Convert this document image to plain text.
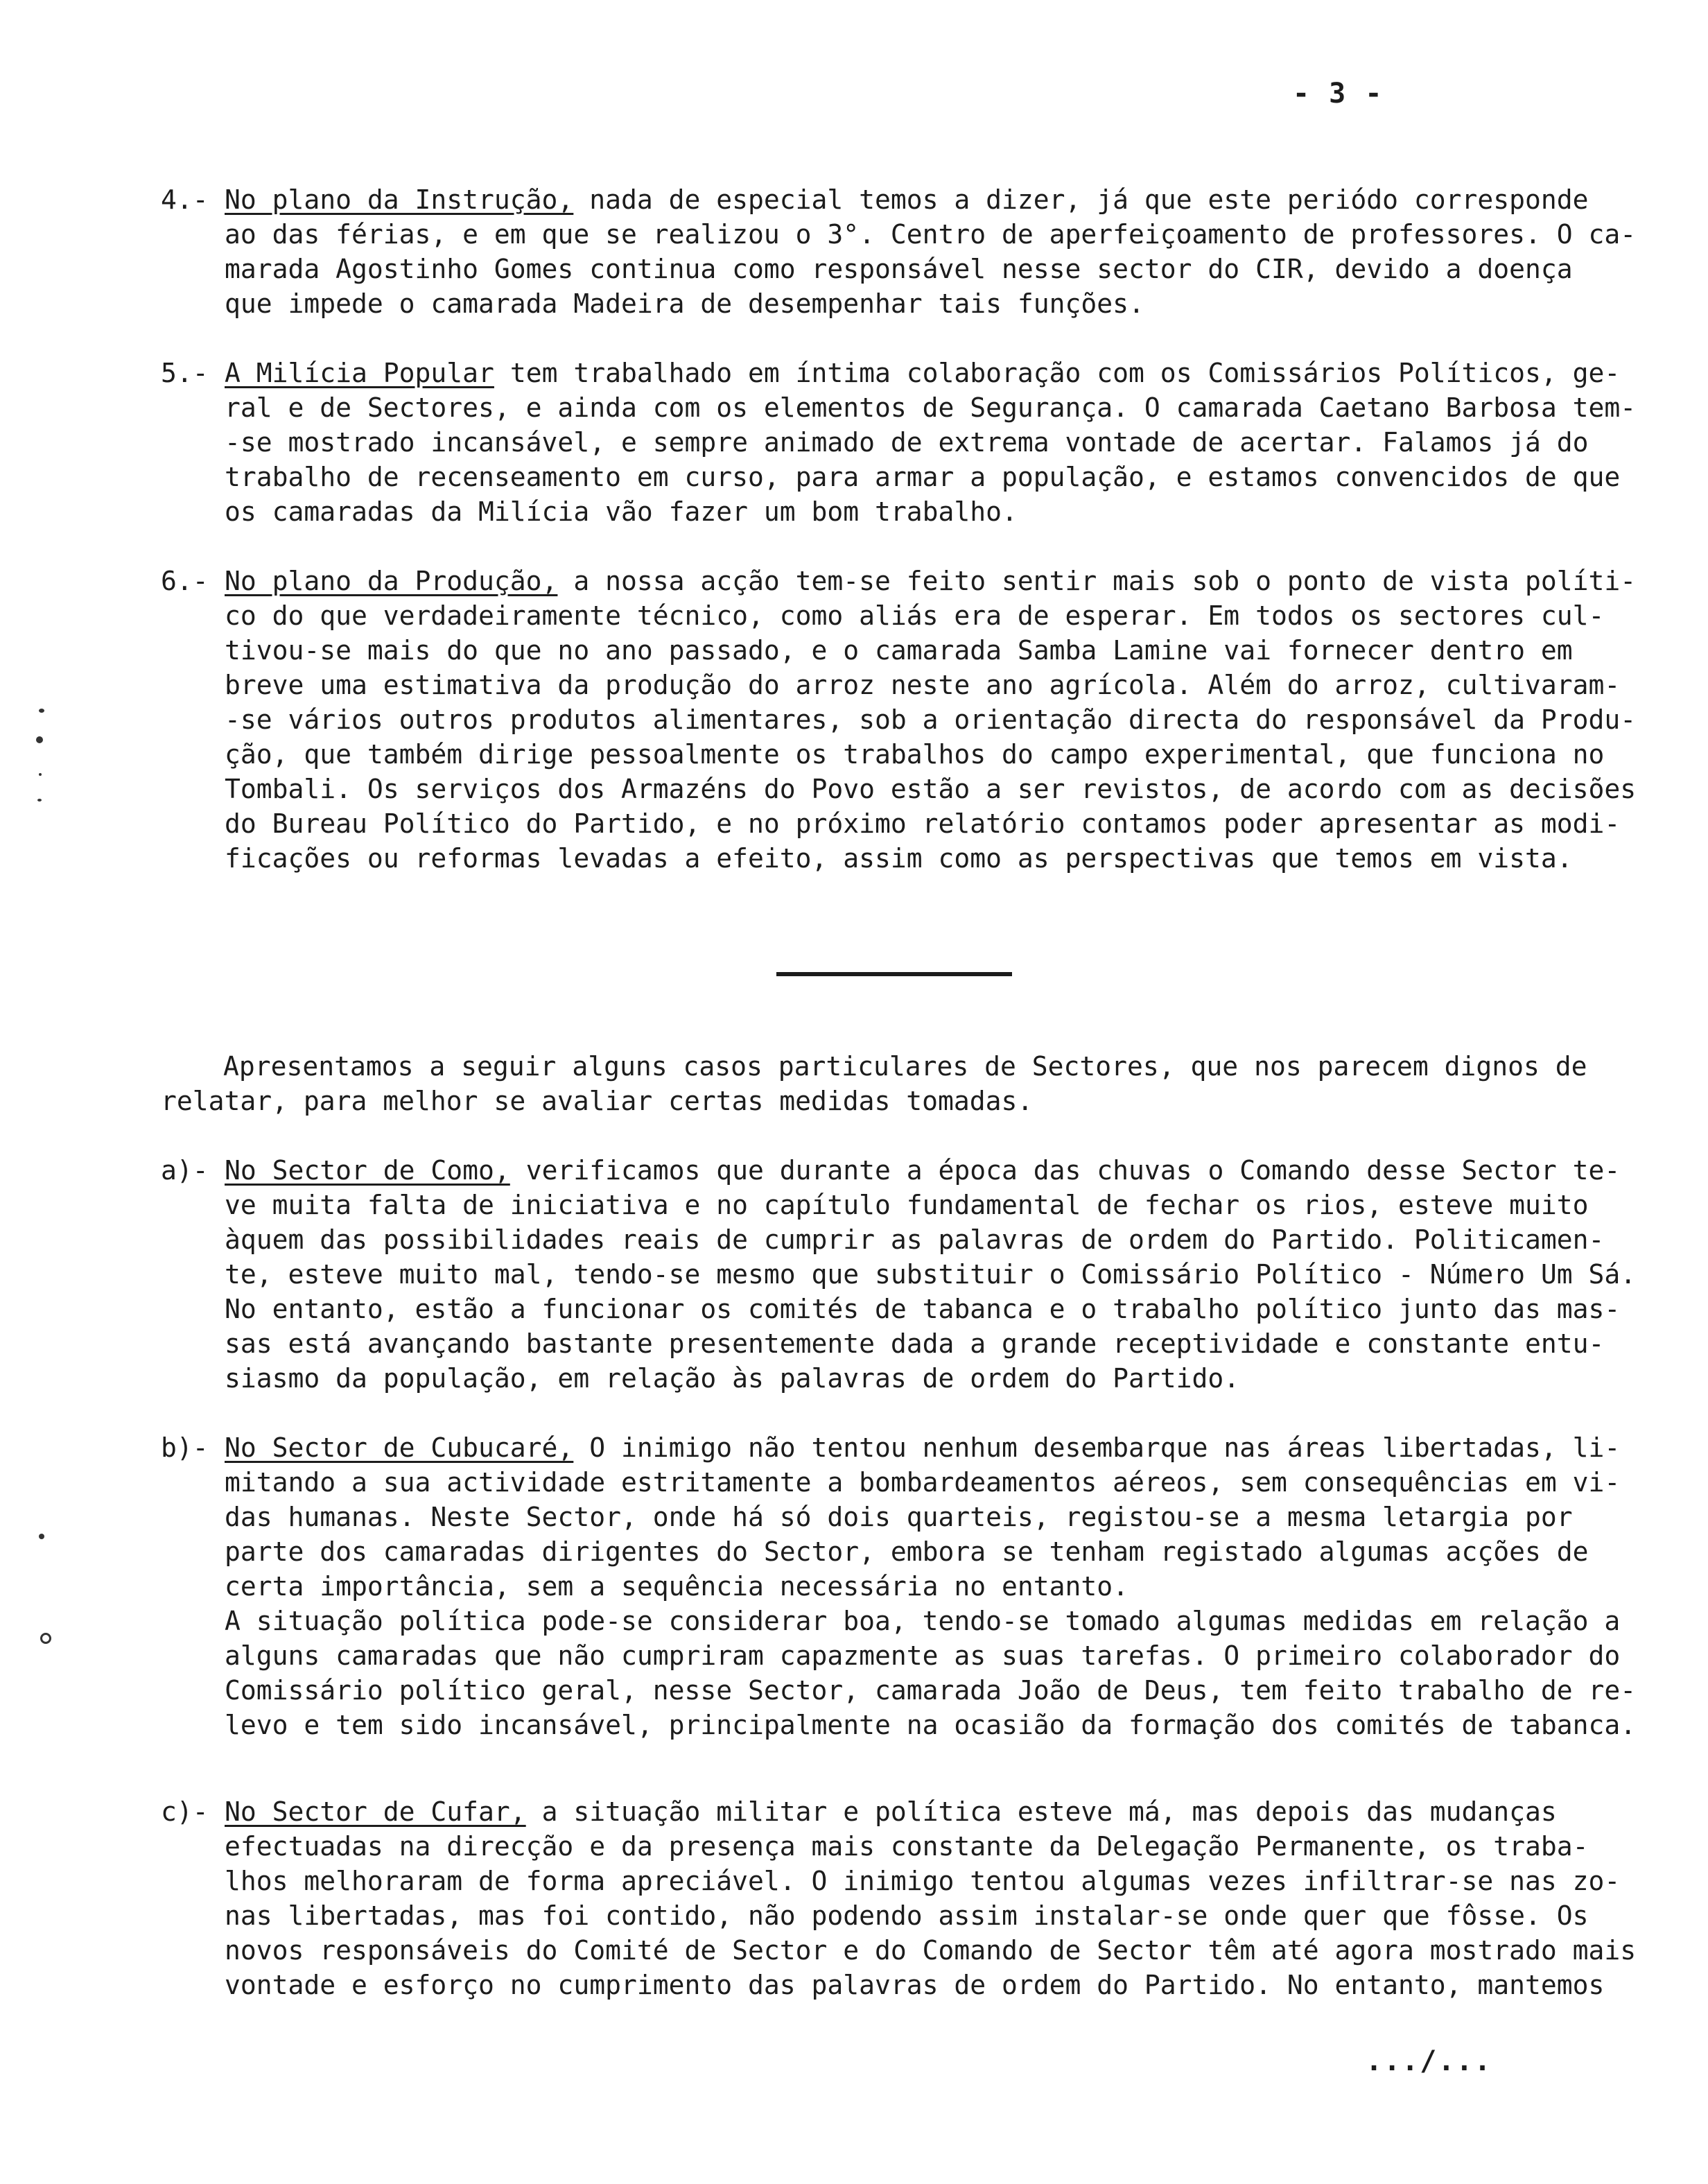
- 3 -
4.- No plano da Instrução, nada de especial temos a dizer, já que este periódo corresponde
ao das férias, e em que se realizou o 3°. Centro de aperfeiçoamento de professores. O ca-
marada Agostinho Gomes continua como responsável nesse sector do CIR, devido a doença
que impede o camarada Madeira de desempenhar tais funções.
5.- A Milícia Popular tem trabalhado em íntima colaboração com os Comissários Políticos, ge-
ral e de Sectores, e ainda com os elementos de Segurança. O camarada Caetano Barbosa tem-
-se mostrado incansável, e sempre animado de extrema vontade de acertar. Falamos já do
trabalho de recenseamento em curso, para armar a população, e estamos convencidos de que
os camaradas da Milícia vão fazer um bom trabalho.
6.- No plano da Produção, a nossa acção tem-se feito sentir mais sob o ponto de vista políti-
co do que verdadeiramente técnico, como aliás era de esperar. Em todos os sectores cul-
tivou-se mais do que no ano passado, e o camarada Samba Lamine vai fornecer dentro em
breve uma estimativa da produção do arroz neste ano agrícola. Além do arroz, cultivaram-
-se vários outros produtos alimentares, sob a orientação directa do responsável da Produ-
ção, que também dirige pessoalmente os trabalhos do campo experimental, que funciona no
Tombali. Os serviços dos Armazéns do Povo estão a ser revistos, de acordo com as decisões
do Bureau Político do Partido, e no próximo relatório contamos poder apresentar as modi-
ficações ou reformas levadas a efeito, assim como as perspectivas que temos em vista.
Apresentamos a seguir alguns casos particulares de Sectores, que nos parecem dignos de
relatar, para melhor se avaliar certas medidas tomadas.
a)- No Sector de Como, verificamos que durante a época das chuvas o Comando desse Sector te-
ve muita falta de iniciativa e no capítulo fundamental de fechar os rios, esteve muito
àquem das possibilidades reais de cumprir as palavras de ordem do Partido. Politicamen-
te, esteve muito mal, tendo-se mesmo que substituir o Comissário Político - Número Um Sá.
No entanto, estão a funcionar os comités de tabanca e o trabalho político junto das mas-
sas está avançando bastante presentemente dada a grande receptividade e constante entu-
siasmo da população, em relação às palavras de ordem do Partido.
b)- No Sector de Cubucaré, O inimigo não tentou nenhum desembarque nas áreas libertadas, li-
mitando a sua actividade estritamente a bombardeamentos aéreos, sem consequências em vi-
das humanas. Neste Sector, onde há só dois quarteis, registou-se a mesma letargia por
parte dos camaradas dirigentes do Sector, embora se tenham registado algumas acções de
certa importância, sem a sequência necessária no entanto.
A situação política pode-se considerar boa, tendo-se tomado algumas medidas em relação a
alguns camaradas que não cumpriram capazmente as suas tarefas. O primeiro colaborador do
Comissário político geral, nesse Sector, camarada João de Deus, tem feito trabalho de re-
levo e tem sido incansável, principalmente na ocasião da formação dos comités de tabanca.
c)- No Sector de Cufar, a situação militar e política esteve má, mas depois das mudanças
efectuadas na direcção e da presença mais constante da Delegação Permanente, os traba-
lhos melhoraram de forma apreciável. O inimigo tentou algumas vezes infiltrar-se nas zo-
nas libertadas, mas foi contido, não podendo assim instalar-se onde quer que fôsse. Os
novos responsáveis do Comité de Sector e do Comando de Sector têm até agora mostrado mais
vontade e esforço no cumprimento das palavras de ordem do Partido. No entanto, mantemos
.../...
